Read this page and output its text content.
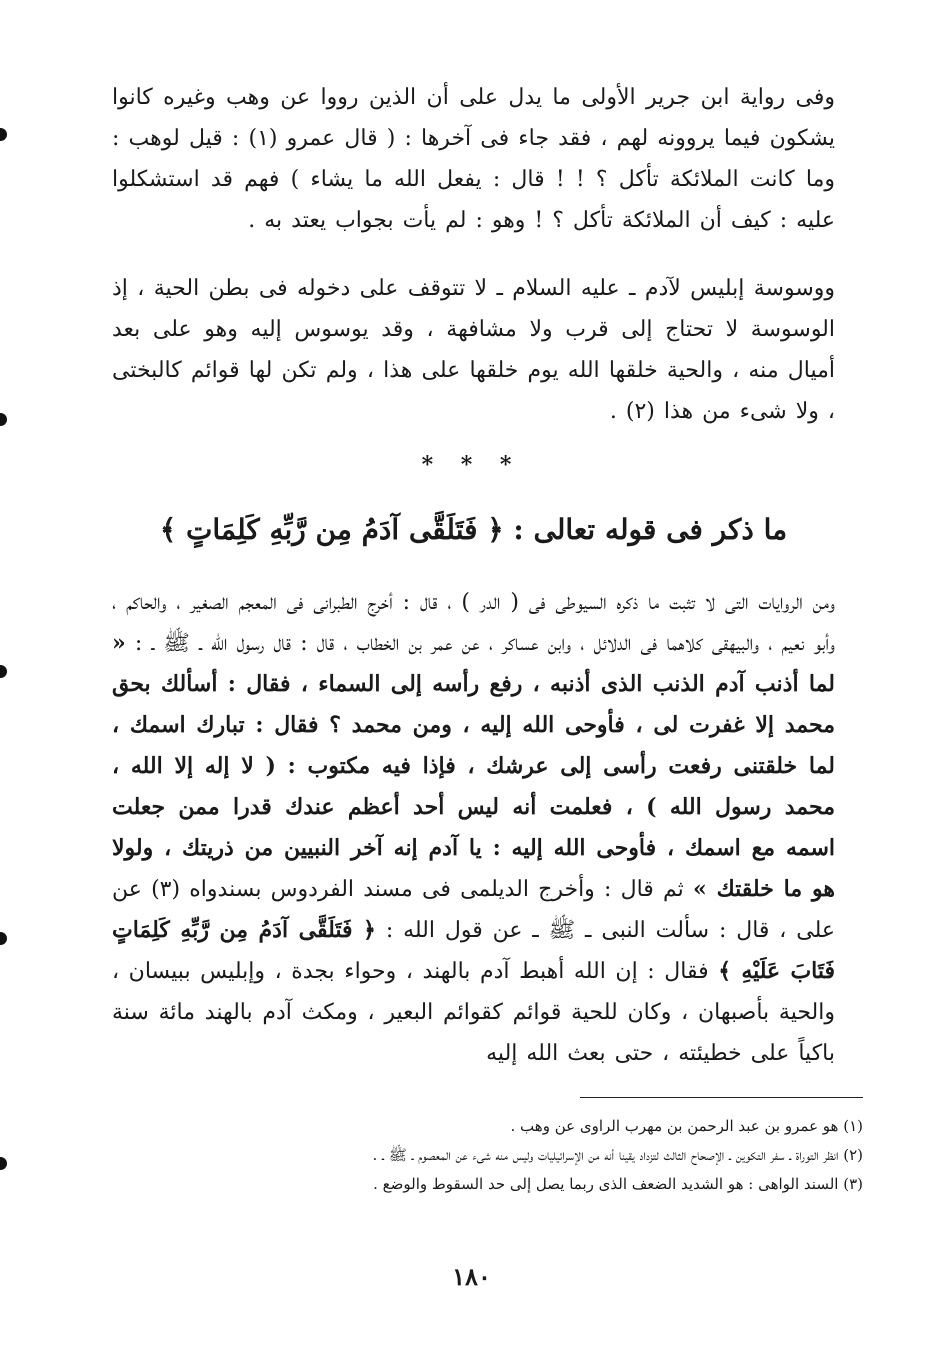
وفى رواية ابن جرير الأولى ما يدل على أن الذين رووا عن وهب وغيره كانوا يشكون فيما يروونه لهم ، فقد جاء فى آخرها : ( قال عمرو (١) : قيل لوهب : وما كانت الملائكة تأكل ؟ ! ! قال : يفعل الله ما يشاء ) فهم قد استشكلوا عليه : كيف أن الملائكة تأكل ؟ ! وهو : لم يأت بجواب يعتد به .

ووسوسة إبليس لآدم ـ عليه السلام ـ لا تتوقف على دخوله فى بطن الحية ، إذ الوسوسة لا تحتاج إلى قرب ولا مشافهة ، وقد يوسوس إليه وهو على بعد أميال منه ، والحية خلقها الله يوم خلقها على هذا ، ولم تكن لها قوائم كالبختى ، ولا شىء من هذا (٢) .

* * *
ما ذكر فى قوله تعالى : ﴿ فَتَلَقَّى آدَمُ مِن رَّبِّهِ كَلِمَاتٍ ﴾

ومن الروايات التى لا تثبت ما ذكره السيوطى فى ( الدر ) ، قال : أخرج الطبرانى فى المعجم الصغير ، والحاكم ، وأبو نعيم ، والبيهقى كلاهما فى الدلائل ، وابن عساكر ، عن عمر بن الخطاب ، قال : قال رسول الله ـ ﷺ ـ : « لما أذنب آدم الذنب الذى أذنبه ، رفع رأسه إلى السماء ، فقال : أسألك بحق محمد إلا غفرت لى ، فأوحى الله إليه ، ومن محمد ؟ فقال : تبارك اسمك ، لما خلقتنى رفعت رأسى إلى عرشك ، فإذا فيه مكتوب : ( لا إله إلا الله ، محمد رسول الله ) ، فعلمت أنه ليس أحد أعظم عندك قدرا ممن جعلت اسمه مع اسمك ، فأوحى الله إليه : يا آدم إنه آخر النبيين من ذريتك ، ولولا هو ما خلقتك » ثم قال : وأخرج الديلمى فى مسند الفردوس بسندواه (٣) عن على ، قال : سألت النبى ـ ﷺ ـ عن قول الله : ﴿ فَتَلَقَّى آدَمُ مِن رَّبِّهِ كَلِمَاتٍ فَتَابَ عَلَيْهِ ﴾ فقال : إن الله أهبط آدم بالهند ، وحواء بجدة ، وإبليس ببيسان ، والحية بأصبهان ، وكان للحية قوائم كقوائم البعير ، ومكث آدم بالهند مائة سنة باكياً على خطيئته ، حتى بعث الله إليه

(١) هو عمرو بن عبد الرحمن بن مهرب الراوى عن وهب .

(٢) انظر التوراة ـ سفر التكوين ـ الإصحاح الثالث لتزداد يقينا أنه من الإسرائيليات وليس منه شىء عن المعصوم ـ ﷺ ـ .

(٣) السند الواهى : هو الشديد الضعف الذى ربما يصل إلى حد السقوط والوضع .

١٨٠
